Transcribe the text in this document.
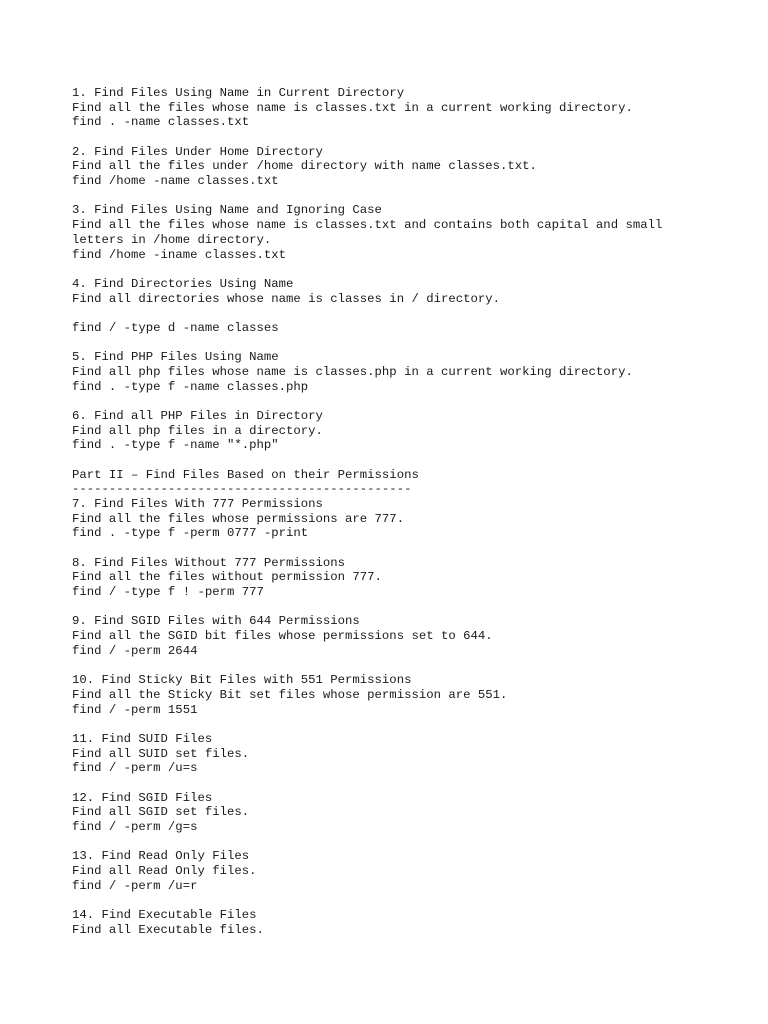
1. Find Files Using Name in Current Directory
Find all the files whose name is classes.txt in a current working directory.
find . -name classes.txt
2. Find Files Under Home Directory
Find all the files under /home directory with name classes.txt.
find /home -name classes.txt
3. Find Files Using Name and Ignoring Case
Find all the files whose name is classes.txt and contains both capital and small
letters in /home directory.
find /home -iname classes.txt
4. Find Directories Using Name
Find all directories whose name is classes in / directory.
find / -type d -name classes
5. Find PHP Files Using Name
Find all php files whose name is classes.php in a current working directory.
find . -type f -name classes.php
6. Find all PHP Files in Directory
Find all php files in a directory.
find . -type f -name "*.php"
Part II – Find Files Based on their Permissions
----------------------------------------------
7. Find Files With 777 Permissions
Find all the files whose permissions are 777.
find . -type f -perm 0777 -print
8. Find Files Without 777 Permissions
Find all the files without permission 777.
find / -type f ! -perm 777
9. Find SGID Files with 644 Permissions
Find all the SGID bit files whose permissions set to 644.
find / -perm 2644
10. Find Sticky Bit Files with 551 Permissions
Find all the Sticky Bit set files whose permission are 551.
find / -perm 1551
11. Find SUID Files
Find all SUID set files.
find / -perm /u=s
12. Find SGID Files
Find all SGID set files.
find / -perm /g=s
13. Find Read Only Files
Find all Read Only files.
find / -perm /u=r
14. Find Executable Files
Find all Executable files.
